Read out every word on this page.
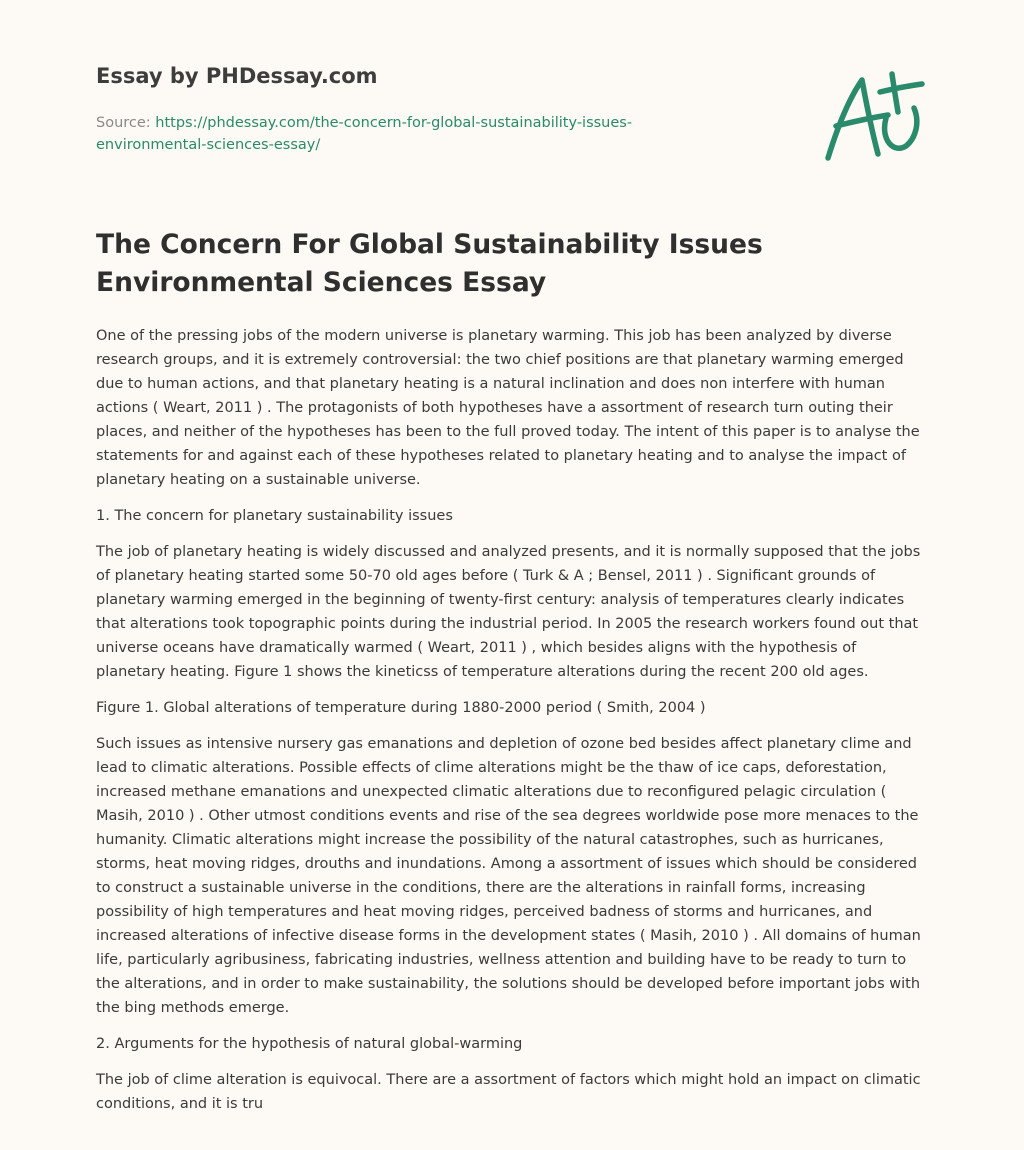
Essay by PHDessay.com
Source: https://phdessay.com/the-concern-for-global-sustainability-issues-environmental-sciences-essay/
The Concern For Global Sustainability Issues Environmental Sciences Essay

One of the pressing jobs of the modern universe is planetary warming. This job has been analyzed by diverse research groups, and it is extremely controversial: the two chief positions are that planetary warming emerged due to human actions, and that planetary heating is a natural inclination and does non interfere with human actions ( Weart, 2011 ) . The protagonists of both hypotheses have a assortment of research turn outing their places, and neither of the hypotheses has been to the full proved today. The intent of this paper is to analyse the statements for and against each of these hypotheses related to planetary heating and to analyse the impact of planetary heating on a sustainable universe.

1. The concern for planetary sustainability issues

The job of planetary heating is widely discussed and analyzed presents, and it is normally supposed that the jobs of planetary heating started some 50-70 old ages before ( Turk & A ; Bensel, 2011 ) . Significant grounds of planetary warming emerged in the beginning of twenty-first century: analysis of temperatures clearly indicates that alterations took topographic points during the industrial period. In 2005 the research workers found out that universe oceans have dramatically warmed ( Weart, 2011 ) , which besides aligns with the hypothesis of planetary heating. Figure 1 shows the kineticss of temperature alterations during the recent 200 old ages.

Figure 1. Global alterations of temperature during 1880-2000 period ( Smith, 2004 )

Such issues as intensive nursery gas emanations and depletion of ozone bed besides affect planetary clime and lead to climatic alterations. Possible effects of clime alterations might be the thaw of ice caps, deforestation, increased methane emanations and unexpected climatic alterations due to reconfigured pelagic circulation ( Masih, 2010 ) . Other utmost conditions events and rise of the sea degrees worldwide pose more menaces to the humanity. Climatic alterations might increase the possibility of the natural catastrophes, such as hurricanes, storms, heat moving ridges, drouths and inundations. Among a assortment of issues which should be considered to construct a sustainable universe in the conditions, there are the alterations in rainfall forms, increasing possibility of high temperatures and heat moving ridges, perceived badness of storms and hurricanes, and increased alterations of infective disease forms in the development states ( Masih, 2010 ) . All domains of human life, particularly agribusiness, fabricating industries, wellness attention and building have to be ready to turn to the alterations, and in order to make sustainability, the solutions should be developed before important jobs with the bing methods emerge.

2. Arguments for the hypothesis of natural global-warming

The job of clime alteration is equivocal. There are a assortment of factors which might hold an impact on climatic conditions, and it is tru
